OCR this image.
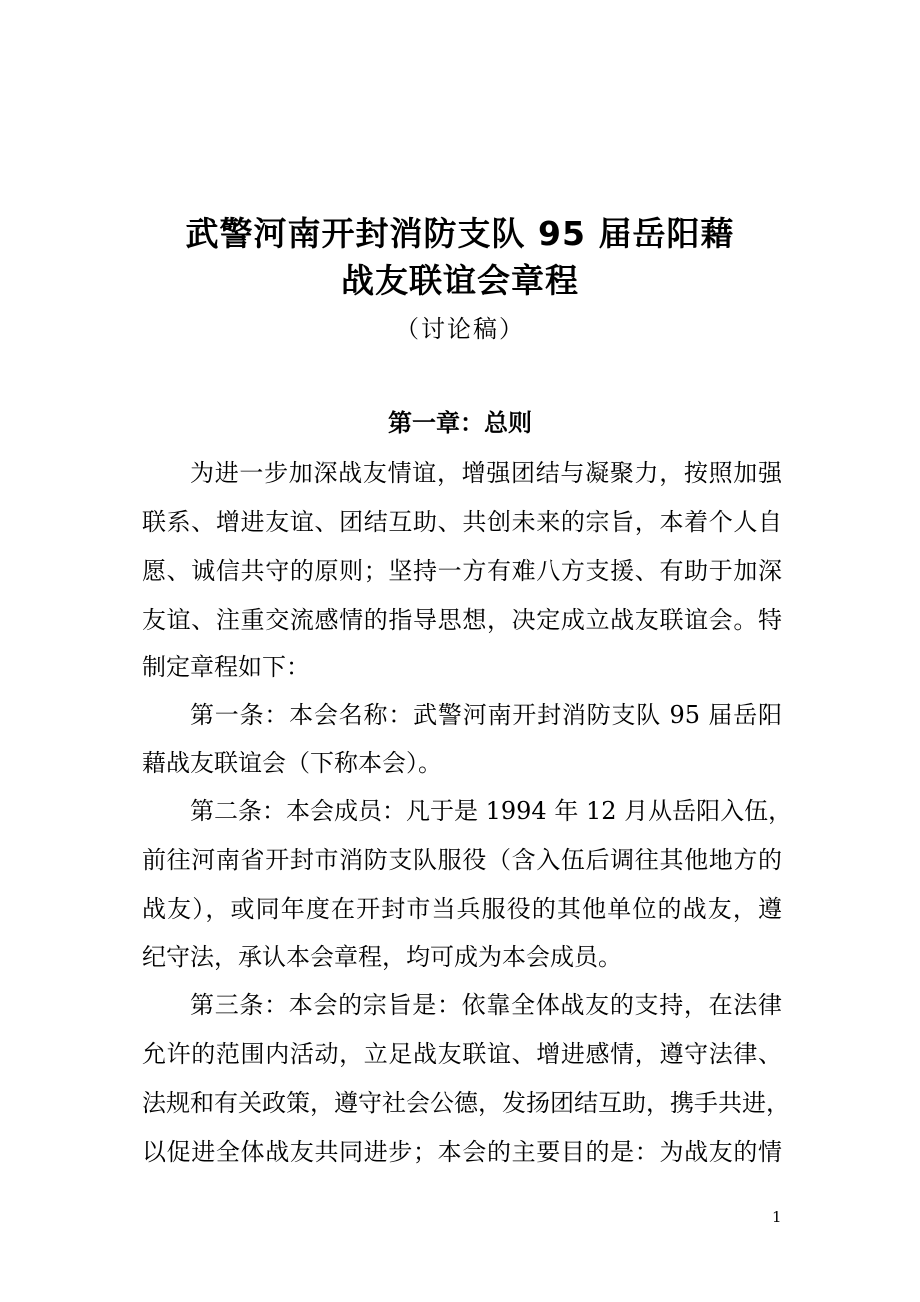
武警河南开封消防支队 95 届岳阳藉
战友联谊会章程
（讨论稿）
第一章：总则
为进一步加深战友情谊，增强团结与凝聚力，按照加强
联系、增进友谊、团结互助、共创未来的宗旨，本着个人自
愿、诚信共守的原则；坚持一方有难八方支援、有助于加深
友谊、注重交流感情的指导思想，决定成立战友联谊会。特
制定章程如下：
第一条：本会名称：武警河南开封消防支队 95 届岳阳
藉战友联谊会（下称本会）。
第二条：本会成员：凡于是 1994 年 12 月从岳阳入伍，
前往河南省开封市消防支队服役（含入伍后调往其他地方的
战友），或同年度在开封市当兵服役的其他单位的战友，遵
纪守法，承认本会章程，均可成为本会成员。
第三条：本会的宗旨是：依靠全体战友的支持，在法律
允许的范围内活动，立足战友联谊、增进感情，遵守法律、
法规和有关政策，遵守社会公德，发扬团结互助，携手共进，
以促进全体战友共同进步；本会的主要目的是：为战友的情
1
